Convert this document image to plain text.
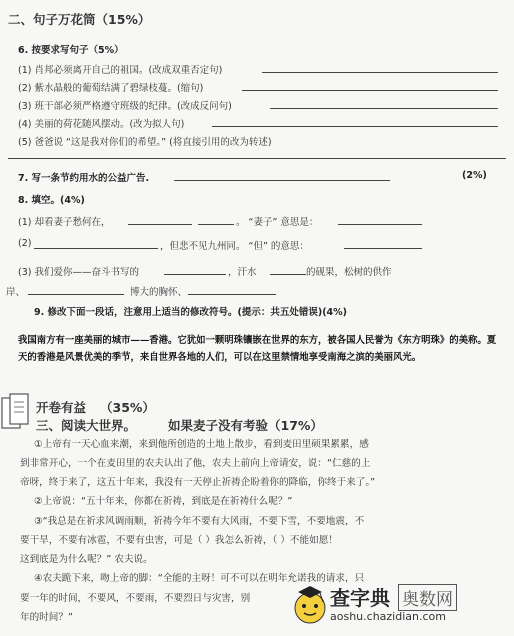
二、句子万花筒（15%）
6. 按要求写句子（5%）
(1) 肖邦必须离开自己的祖国。(改成双重否定句)
(2) 紫水晶般的葡萄结满了碧绿枝蔓。(缩句)
(3) 班干部必须严格遵守班级的纪律。(改成反问句)
(4) 美丽的荷花随风摆动。(改为拟人句)
(5) 爸爸说 “这是我对你们的希望。” (将直接引用的改为转述)
7. 写一条节约用水的公益广告.	(2%)
8. 填空。(4%)
(1) 却看妻子愁何在，	。 “妻子” 意思是：
(2)	，但悲不见九州同。 “但” 的意思：
(3) 我们爱你——奋斗书写的	，汗水	的砚果，松树的供作
岸、	博大的胸怀、
9. 修改下面一段话，注意用上适当的修改符号。(提示：共五处错误)(4%)
我国南方有一座美丽的城市——香港。它犹如一颗明珠镶嵌在世界的东方，被各国人民誉为《东方明珠》的美称。夏天的香港是风景优美的季节，来自世界各地的人们，可以在这里禁情地享受南海之滨的美丽风光。
开卷有益 （35%）
三、阅读大世界。	如果麦子没有考验（17%）
①上帝有一天心血来潮，来到他所创造的土地上散步，看到麦田里硕果累累，感
到非常开心，一个在麦田里的农夫认出了他，农夫上前向上帝请安，说：“仁慈的上
帝呀，终于来了，这五十年来，我没有一天停止祈祷企盼着你的降临，你终于来了。”
②上帝说：“五十年来，你都在祈祷，到底是在祈祷什么呢？”
③“我总是在祈求风调雨顺，祈祷今年不要有大风雨，不要下雪，不要地震，不
要干旱，不要有冰雹，不要有虫害，可是（ ）我怎么祈祷，（ ）不能如愿！
这到底是为什么呢？” 农夫说。
④农夫跪下来，吻上帝的脚：“全能的主呀！可不可以在明年允诺我的请求，只
要一年的时间，不要风，不要雨，不要烈日与灾害，别
年的时间？”
查字典 奥数网
aoshu.chazidian.com
